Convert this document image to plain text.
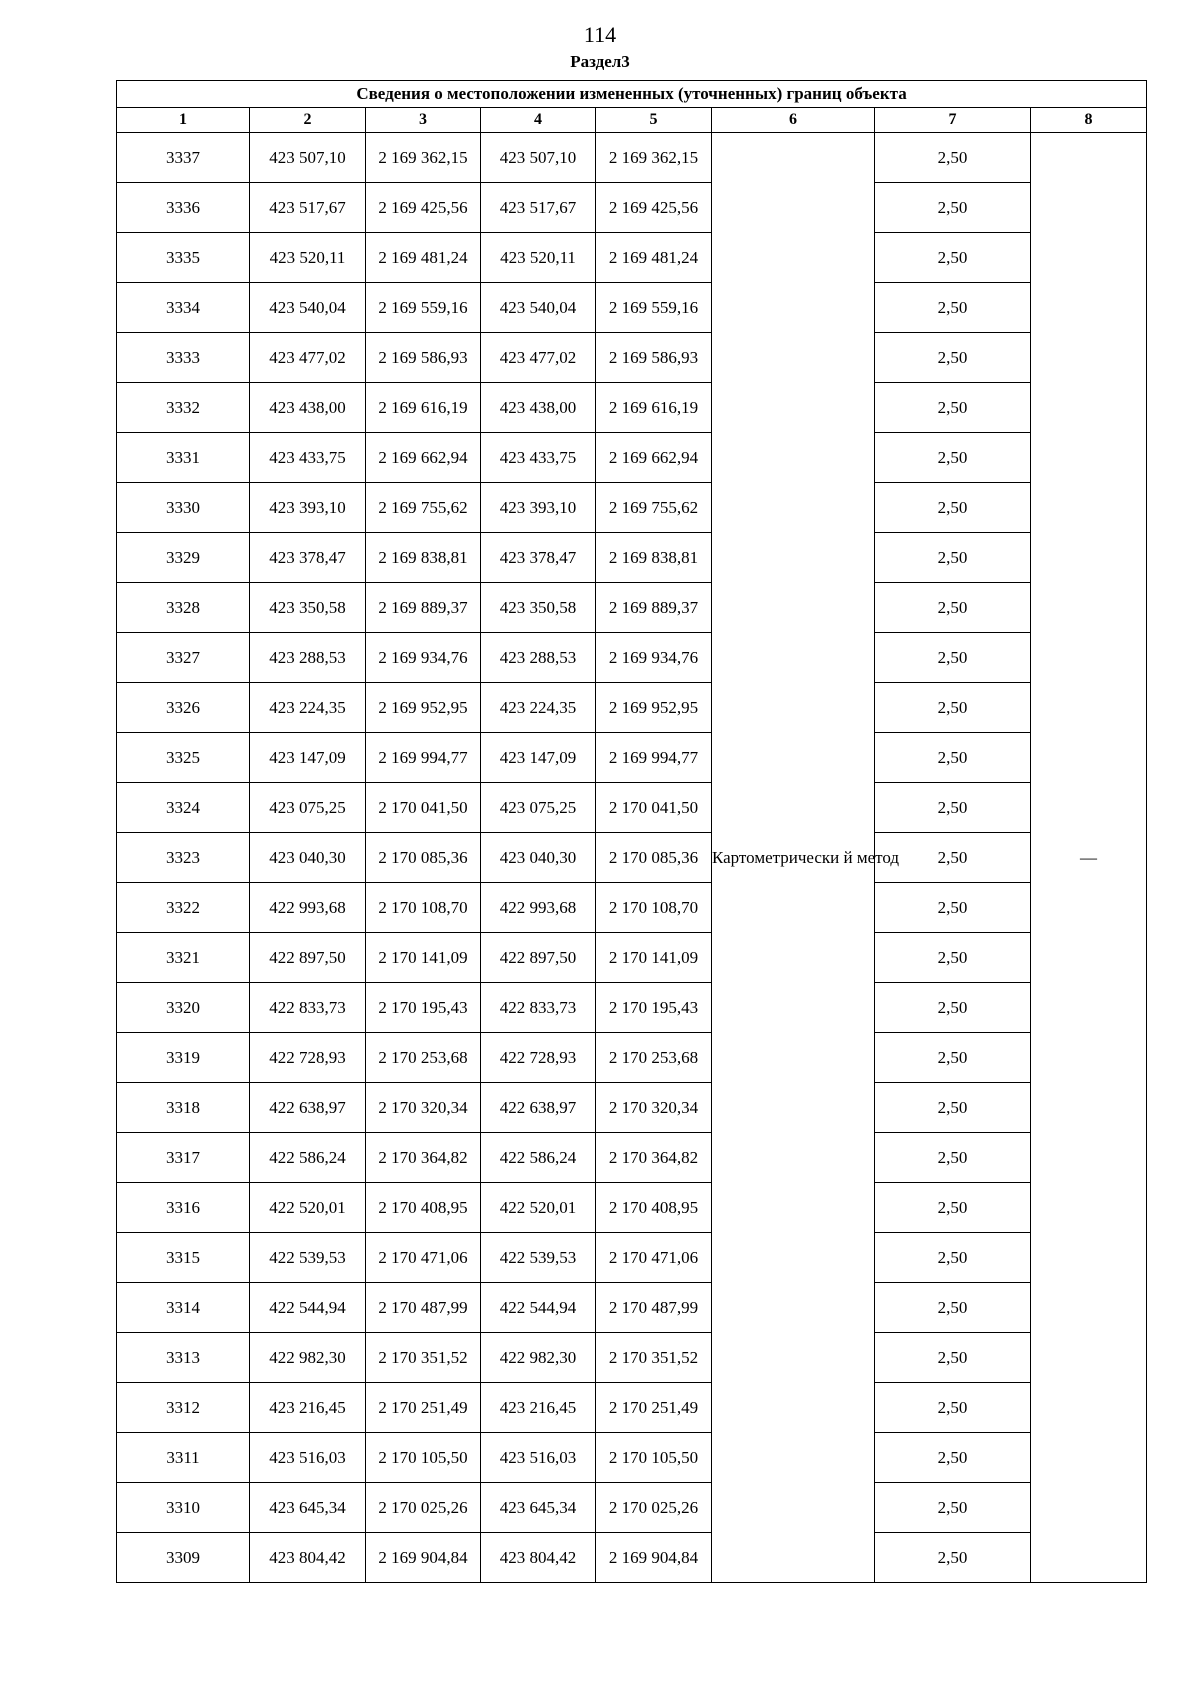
114
Раздел3
Сведения о местоположении измененных (уточненных) границ объекта							
1	2	3	4	5	6	7	8
3337	423 507,10	2 169 362,15	423 507,10	2 169 362,15	Картометрически й метод	2,50	—
3336	423 517,67	2 169 425,56	423 517,67	2 169 425,56		2,50	
3335	423 520,11	2 169 481,24	423 520,11	2 169 481,24		2,50	
3334	423 540,04	2 169 559,16	423 540,04	2 169 559,16		2,50	
3333	423 477,02	2 169 586,93	423 477,02	2 169 586,93		2,50	
3332	423 438,00	2 169 616,19	423 438,00	2 169 616,19		2,50	
3331	423 433,75	2 169 662,94	423 433,75	2 169 662,94		2,50	
3330	423 393,10	2 169 755,62	423 393,10	2 169 755,62		2,50	
3329	423 378,47	2 169 838,81	423 378,47	2 169 838,81		2,50	
3328	423 350,58	2 169 889,37	423 350,58	2 169 889,37		2,50	
3327	423 288,53	2 169 934,76	423 288,53	2 169 934,76		2,50	
3326	423 224,35	2 169 952,95	423 224,35	2 169 952,95		2,50	
3325	423 147,09	2 169 994,77	423 147,09	2 169 994,77		2,50	
3324	423 075,25	2 170 041,50	423 075,25	2 170 041,50		2,50	
3323	423 040,30	2 170 085,36	423 040,30	2 170 085,36		2,50	
3322	422 993,68	2 170 108,70	422 993,68	2 170 108,70		2,50	
3321	422 897,50	2 170 141,09	422 897,50	2 170 141,09		2,50	
3320	422 833,73	2 170 195,43	422 833,73	2 170 195,43		2,50	
3319	422 728,93	2 170 253,68	422 728,93	2 170 253,68		2,50	
3318	422 638,97	2 170 320,34	422 638,97	2 170 320,34		2,50	
3317	422 586,24	2 170 364,82	422 586,24	2 170 364,82		2,50	
3316	422 520,01	2 170 408,95	422 520,01	2 170 408,95		2,50	
3315	422 539,53	2 170 471,06	422 539,53	2 170 471,06		2,50	
3314	422 544,94	2 170 487,99	422 544,94	2 170 487,99		2,50	
3313	422 982,30	2 170 351,52	422 982,30	2 170 351,52		2,50	
3312	423 216,45	2 170 251,49	423 216,45	2 170 251,49		2,50	
3311	423 516,03	2 170 105,50	423 516,03	2 170 105,50		2,50	
3310	423 645,34	2 170 025,26	423 645,34	2 170 025,26		2,50	
3309	423 804,42	2 169 904,84	423 804,42	2 169 904,84		2,50	
